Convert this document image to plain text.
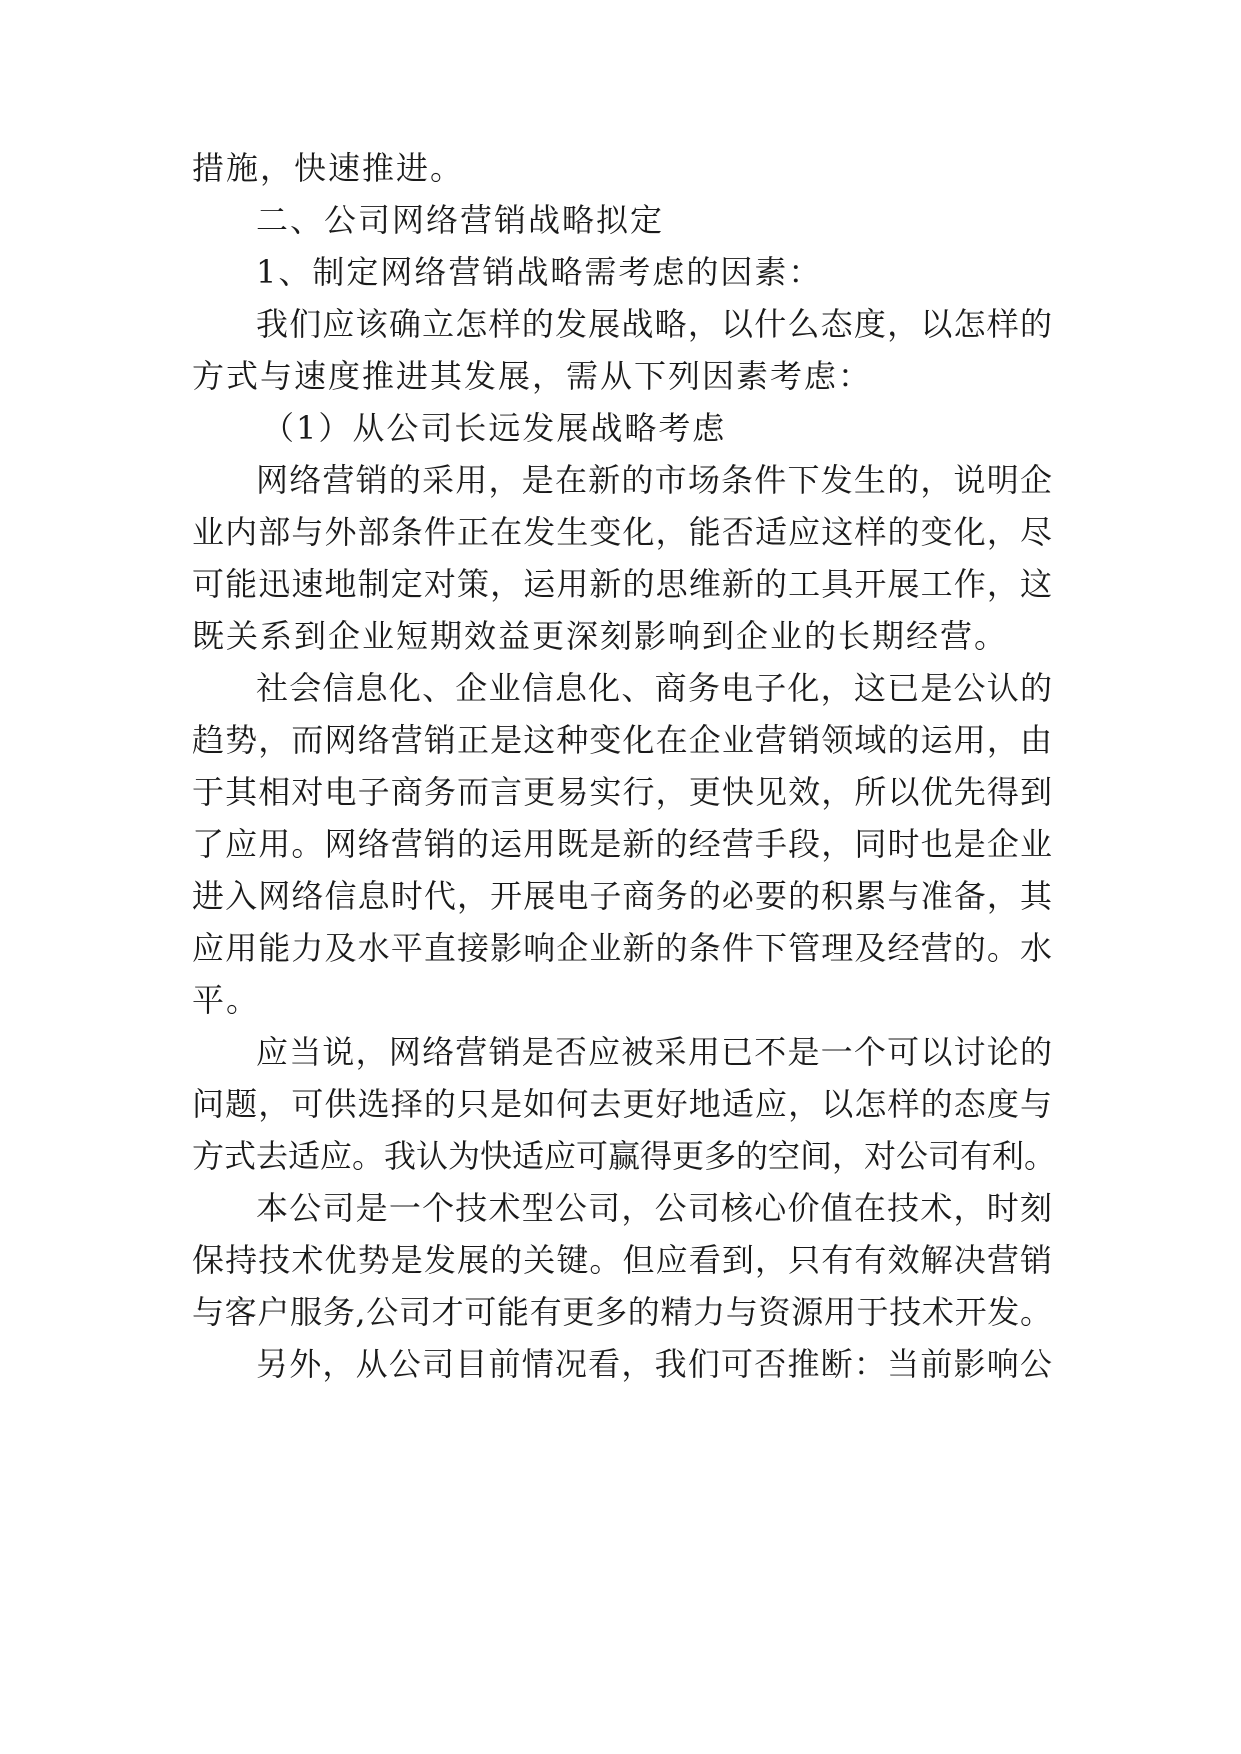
措施，快速推进。
二、公司网络营销战略拟定
1、制定网络营销战略需考虑的因素：
我们应该确立怎样的发展战略，以什么态度，以怎样的
方式与速度推进其发展，需从下列因素考虑：
（1）从公司长远发展战略考虑
网络营销的采用，是在新的市场条件下发生的，说明企
业内部与外部条件正在发生变化，能否适应这样的变化，尽
可能迅速地制定对策，运用新的思维新的工具开展工作，这
既关系到企业短期效益更深刻影响到企业的长期经营。
社会信息化、企业信息化、商务电子化，这已是公认的
趋势，而网络营销正是这种变化在企业营销领域的运用，由
于其相对电子商务而言更易实行，更快见效，所以优先得到
了应用。网络营销的运用既是新的经营手段，同时也是企业
进入网络信息时代，开展电子商务的必要的积累与准备，其
应用能力及水平直接影响企业新的条件下管理及经营的。水
平。
应当说，网络营销是否应被采用已不是一个可以讨论的
问题，可供选择的只是如何去更好地适应，以怎样的态度与
方式去适应。我认为快适应可赢得更多的空间，对公司有利。
本公司是一个技术型公司，公司核心价值在技术，时刻
保持技术优势是发展的关键。但应看到，只有有效解决营销
与客户服务,公司才可能有更多的精力与资源用于技术开发。
另外，从公司目前情况看，我们可否推断：当前影响公
